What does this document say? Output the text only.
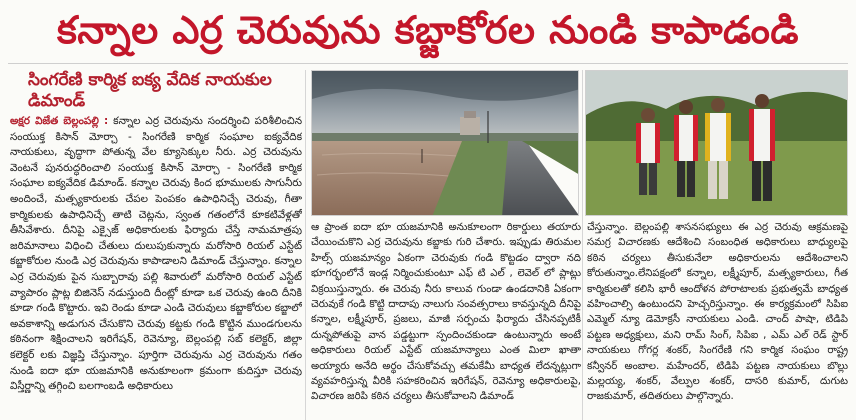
కన్నాల ఎర్ర చెరువును కబ్జాకోరల నుండి కాపాడండి
సింగరేణి కార్మిక ఐక్య వేదిక నాయకుల డిమాండ్
అక్షర విజేత బెల్లంపల్లి : కన్నాల ఎర్ర చెరువును సందర్శించి పరిశీలించిన సంయుక్త కిసాన్ మోర్చా - సింగరేణి కార్మిక సంఘాల ఐక్యవేదిక నాయకులు, వృద్ధాగా పోతున్న వేల క్యూసెక్కుల నీరు. ఎర్ర చెరువును వెంటనే పునరుద్ధరించాలి సంయుక్త కిసాన్ మోర్చా - సింగరేణి కార్మిక సంఘాల ఐక్యవేదిక డిమాండ్. కన్నాల చెరువు కింద భూములకు సాగునీరు అందించే, మత్స్యకారులకు చేపల పెంపకం ఉపాధినిచ్చే చెరువు, గీతా కార్మికులకు ఉపాధినిచ్చే తాటి చెట్లను, స్వంత గతంలోనే కూకటివేళ్లతో తీసివేశారు. దీనిపై ఎక్సైజ్ అధికారులకు ఫిర్యాదు చేస్తే నామమాత్రపు జరిమానాలు విధించి చేతులు దులుపుకున్నారు మరోసారి రియల్ ఎస్టేట్ కబ్జాకోరుల నుండి ఎర్ర చెరువును కాపాడాలని డిమాండ్ చేస్తున్నాం. కన్నాల ఎర్ర చెరువుకు పైన సుబ్బారావు పల్లి శివారులో మరోసారి రియల్ ఎస్టేట్ వ్యాపారం ప్లాట్ల బిజినెస్ నడుస్తుంది దీంట్లో కూడా ఒక చెరువు ఉంది దీనికి కూడా గండి కొట్టారు. ఇవి రెండు కూడా ఎండి చెరువులు కబ్జాకోరుల కబ్జాలో అవకాశాన్ని అడుగున చేసుకొని చెరువు కట్టకు గండి కొట్టిన ముండగులను కఠినంగా శిక్షించాలని ఇరిగేషన్, రెవెన్యూ, బెల్లంపల్లి సబ్ కలెక్టర్, జిల్లా కలెక్టర్ లకు విజ్ఞప్తి చేస్తున్నాం. పూర్తిగా చెరువును ఎర్ర చెరువును గతం నుండి ఐదా భూ యజమానికి అనుకూలంగా క్రమంగా కుదిస్తూ చెరువు విస్తీర్ణాన్ని తగ్గించి బలగాంబడి అధికారులు
ఆ ప్రాంత ఐదా భూ యజమానికి అనుకూలంగా రికార్డులు తయారు చేయించుకొని ఎర్ర చెరువును కబ్జాకు గురి చేశారు. ఇప్పుడు తిరుమల హిల్స్ యజమాన్యం ఏకంగా చెరువుకు గండి కొట్టడం ద్వారా నది భూగర్భంలోనే ఇండ్ల నిర్మించుకుంటూ ఎఫ్ టి ఎల్ , లెవెల్ లో ప్లాట్లు విక్రయిస్తున్నారు. ఈ చెరువు నీరు కాలువ గుండా ఉండదానికి ఏకంగా చెరువుకే గండి కొట్టి దాదాపు నాలుగు సంవత్సరాలు కావస్తున్నది దీనిపై కన్నాల, లక్ష్మీపూర్, ప్రజలు, మాజీ సర్పంచు ఫిర్యాదు చేసినప్పటికీ దున్నపోతుపై వాన పడ్డట్టుగా స్పందించకుండా ఉంటున్నారు అంటే అధికారులు రియల్ ఎస్టేట్ యజమాన్యాలు ఎంత మిలా ఖాతా అయ్యారు అనేది అర్థం చేసుకోవచ్చు తమకేమీ బాధ్యత లేదన్నట్లుగా వ్యవహరిస్తున్న వీరికి సహకరించిన ఇరిగేషన్, రెవెన్యూ అధికారులపై, విచారణ జరిపి కఠిన చర్యలు తీసుకోవాలని డిమాండ్
చేస్తున్నాం. బెల్లంపల్లి శాసనసభ్యులు ఈ ఎర్ర చెరువు ఆక్రమణపై సమగ్ర విచారణకు ఆదేశించి సంబంధిత అధికారులు బాధ్యులపై కఠిన చర్యలు తీసుకునేలా అధికారులను ఆదేశించాలని కోరుతున్నాం.లేనిపక్షంలో కన్నాల, లక్ష్మీపూర్, మత్స్యకారులు, గీత కార్మికులతో కలిసి భారీ ఆందోళన పోరాటాలకు ప్రభుత్వమే బాధ్యత వహించాల్సి ఉంటుందని హెచ్చరిస్తున్నాం. ఈ కార్యక్రమంలో సిపిఐ ఎమ్మెల్ న్యూ డెమోక్రసీ నాయకులు ఎండి. చాంద్ పాషా, టిడిపి పట్టణ అధ్యక్షులు, మని రామ్ సింగ్, సిపిఐ , ఎమ్ ఎల్ రెడ్ స్టార్ నాయకులు గోగర్ల శంకర్, సింగరేణి గని కార్మిక సంఘం రాష్ట్ర కన్వీనర్ అంబాల. మహేందర్, టిడిపి పట్టణ నాయకులు బొల్లు మల్లయ్య, శంకర్, వేల్పుల శంకర్, దాసరి కుమార్, దుగుట రాజకుమార్, తదితరులు పాల్గొన్నారు.
